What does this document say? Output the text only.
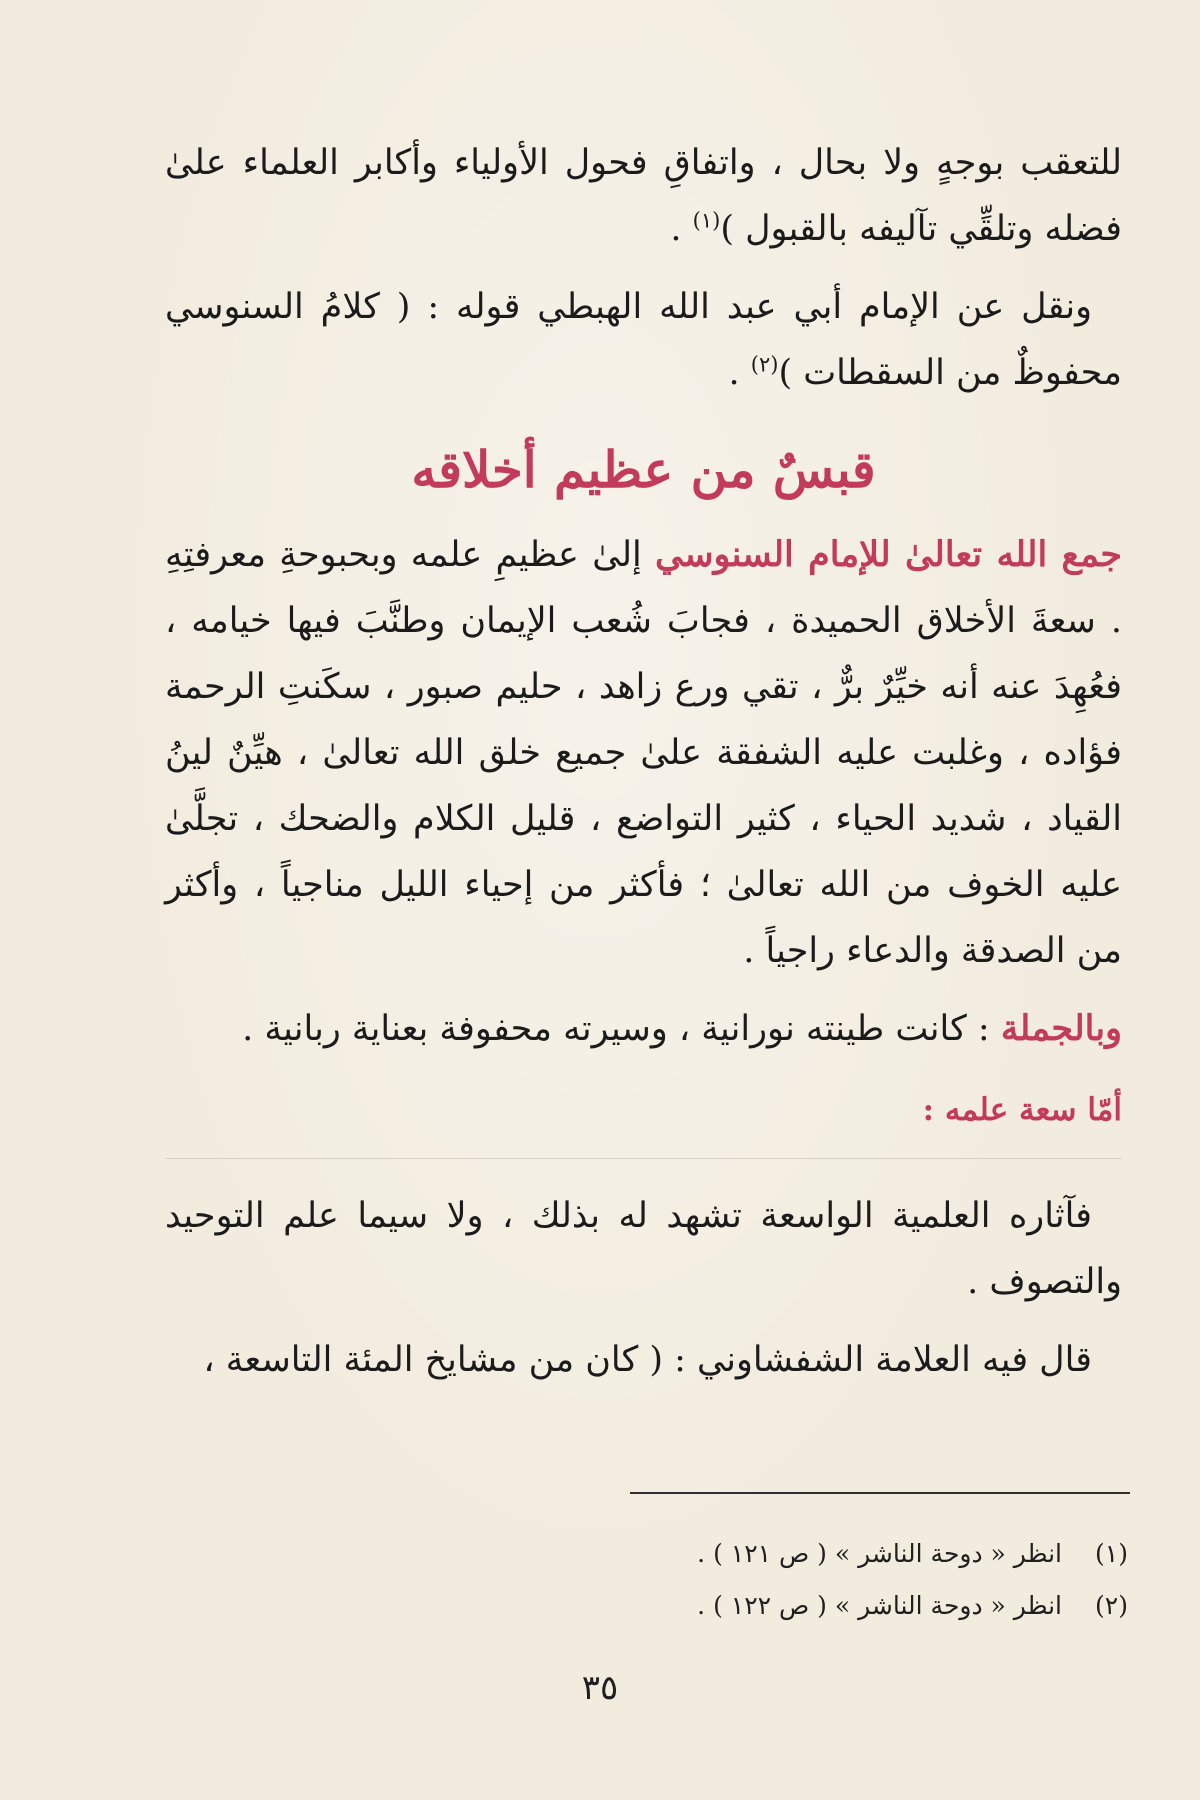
للتعقب بوجهٍ ولا بحال ، واتفاقِ فحول الأولياء وأكابر العلماء علىٰ فضله وتلقِّي تآليفه بالقبول )$^{(١)}$ .

ونقل عن الإمام أبي عبد الله الهبطي قوله : ( كلامُ السنوسي محفوظٌ من السقطات )$^{(٢)}$ .

قبسٌ من عظيم أخلاقه

جمع الله تعالىٰ للإمام السنوسي إلىٰ عظيمِ علمه وبحبوحةِ معرفتِهِ . سعةَ الأخلاق الحميدة ، فجابَ شُعب الإيمان وطنَّبَ فيها خيامه ، فعُهِدَ عنه أنه خيِّرٌ برٌّ ، تقي ورع زاهد ، حليم صبور ، سكَنتِ الرحمة فؤاده ، وغلبت عليه الشفقة علىٰ جميع خلق الله تعالىٰ ، هيِّنٌ لينُ القياد ، شديد الحياء ، كثير التواضع ، قليل الكلام والضحك ، تجلَّىٰ عليه الخوف من الله تعالىٰ ؛ فأكثر من إحياء الليل مناجياً ، وأكثر من الصدقة والدعاء راجياً .

وبالجملة : كانت طينته نورانية ، وسيرته محفوفة بعناية ربانية .

أمّا سعة علمه :

فآثاره العلمية الواسعة تشهد له بذلك ، ولا سيما علم التوحيد والتصوف .

قال فيه العلامة الشفشاوني : ( كان من مشايخ المئة التاسعة ،

(١)
انظر « دوحة الناشر » ( ص ١٢١ ) .
(٢)
انظر « دوحة الناشر » ( ص ١٢٢ ) .
٣٥
